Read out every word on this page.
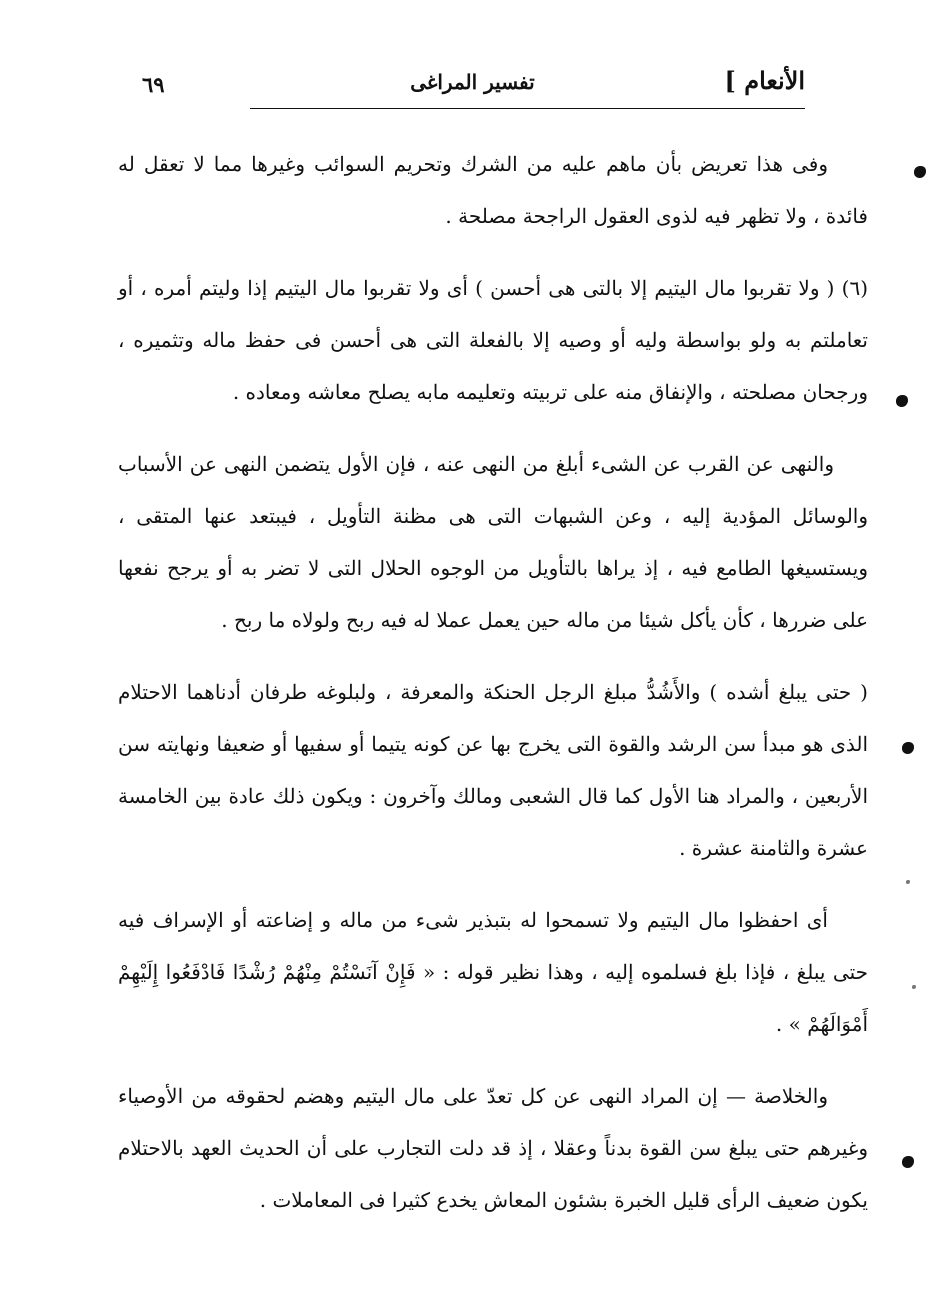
الأنعام ]
تفسير المراغى
٦٩

وفى هذا تعريض بأن ماهم عليه من الشرك وتحريم السوائب وغيرها مما لا تعقل له فائدة ، ولا تظهر فيه لذوى العقول الراجحة مصلحة .

(٦) ( ولا تقربوا مال اليتيم إلا بالتى هى أحسن ) أى ولا تقربوا مال اليتيم إذا وليتم أمره ، أو تعاملتم به ولو بواسطة وليه أو وصيه إلا بالفعلة التى هى أحسن فى حفظ ماله وتثميره ، ورجحان مصلحته ، والإنفاق منه على تربيته وتعليمه مابه يصلح معاشه ومعاده .

والنهى عن القرب عن الشىء أبلغ من النهى عنه ، فإن الأول يتضمن النهى عن الأسباب والوسائل المؤدية إليه ، وعن الشبهات التى هى مظنة التأويل ، فيبتعد عنها المتقى ، ويستسيغها الطامع فيه ، إذ يراها بالتأويل من الوجوه الحلال التى لا تضر به أو يرجح نفعها على ضررها ، كأن يأكل شيئا من ماله حين يعمل عملا له فيه ربح ولولاه ما ربح .

( حتى يبلغ أشده ) والأَشُدُّ مبلغ الرجل الحنكة والمعرفة ، ولبلوغه طرفان أدناهما الاحتلام الذى هو مبدأ سن الرشد والقوة التى يخرج بها عن كونه يتيما أو سفيها أو ضعيفا ونهايته سن الأربعين ، والمراد هنا الأول كما قال الشعبى ومالك وآخرون : ويكون ذلك عادة بين الخامسة عشرة والثامنة عشرة .

أى احفظوا مال اليتيم ولا تسمحوا له بتبذير شىء من ماله و إضاعته أو الإسراف فيه حتى يبلغ ، فإذا بلغ فسلموه إليه ، وهذا نظير قوله : « فَإِنْ آنَسْتُمْ مِنْهُمْ رُشْدًا فَادْفَعُوا إِلَيْهِمْ أَمْوَالَهُمْ » .

والخلاصة — إن المراد النهى عن كل تعدّ على مال اليتيم وهضم لحقوقه من الأوصياء وغيرهم حتى يبلغ سن القوة بدناً وعقلا ، إذ قد دلت التجارب على أن الحديث العهد بالاحتلام يكون ضعيف الرأى قليل الخبرة بشئون المعاش يخدع كثيرا فى المعاملات .
